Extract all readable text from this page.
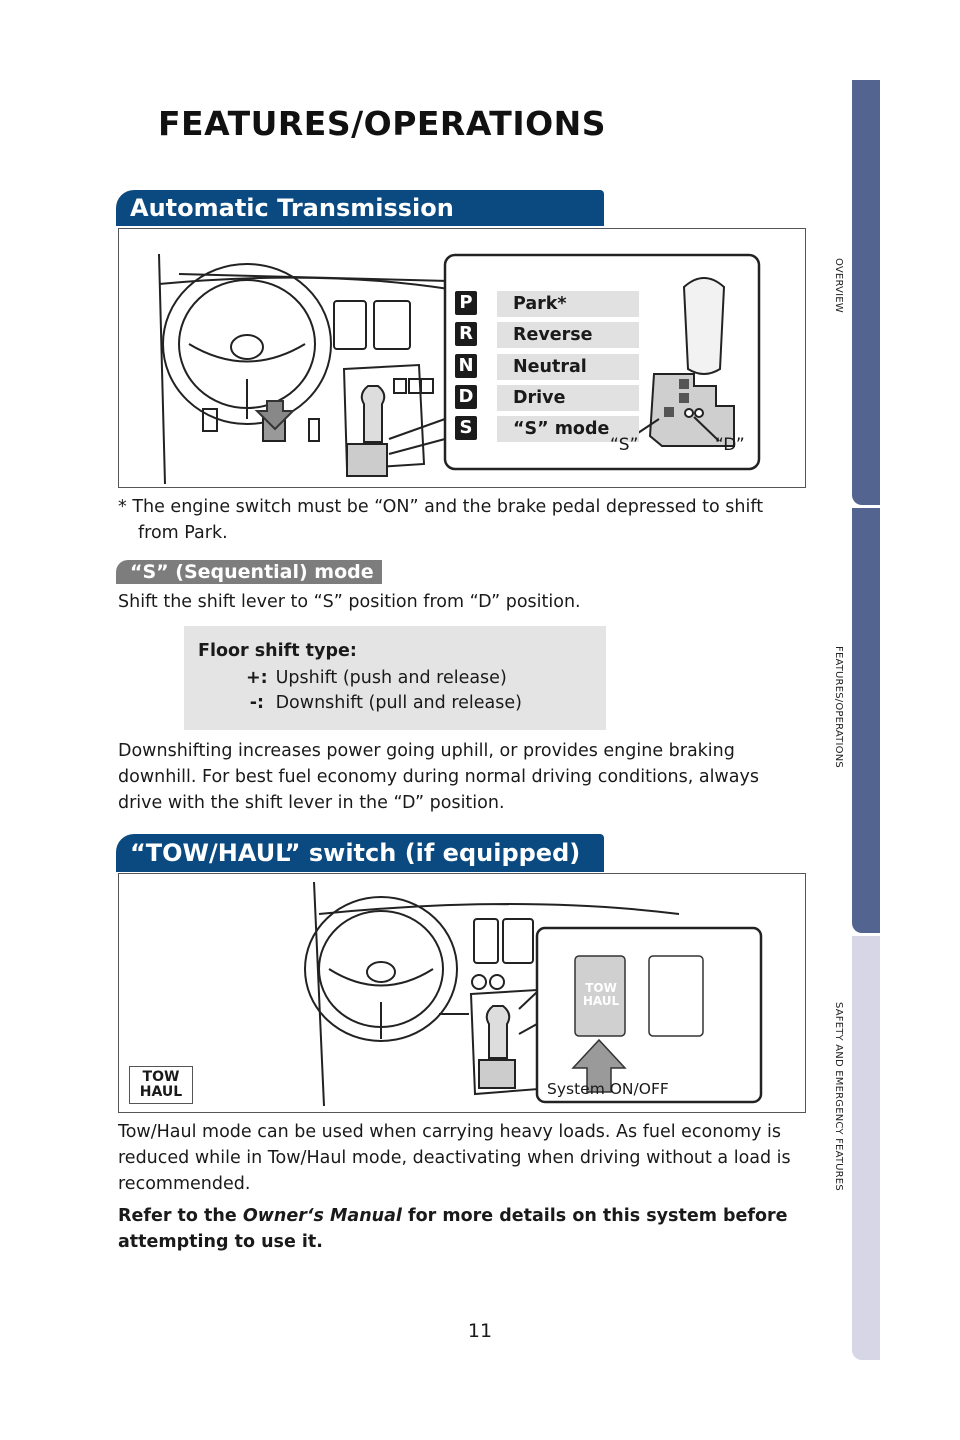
OVERVIEW
FEATURES/OPERATIONS
SAFETY AND EMERGENCY FEATURES
FEATURES/OPERATIONS
Automatic Transmission
P	Park*
R	Reverse
N	Neutral
D	Drive
S	“S” mode
“S”	“D”
* The engine switch must be “ON” and the brake pedal depressed to shift
from Park.
“S” (Sequential) mode
Shift the shift lever to “S” position from “D” position.
Floor shift type:
+: Upshift (push and release)
-: Downshift (pull and release)
Downshifting increases power going uphill, or provides engine braking downhill. For best fuel economy during normal driving conditions, always drive with the shift lever in the “D” position.
“TOW/HAUL” switch (if equipped)
TOW
HAUL
TOW
HAUL	System ON/OFF
Tow/Haul mode can be used when carrying heavy loads. As fuel economy is reduced while in Tow/Haul mode, deactivating when driving without a load is recommended.
Refer to the Owner‘s Manual for more details on this system before attempting to use it.
11
